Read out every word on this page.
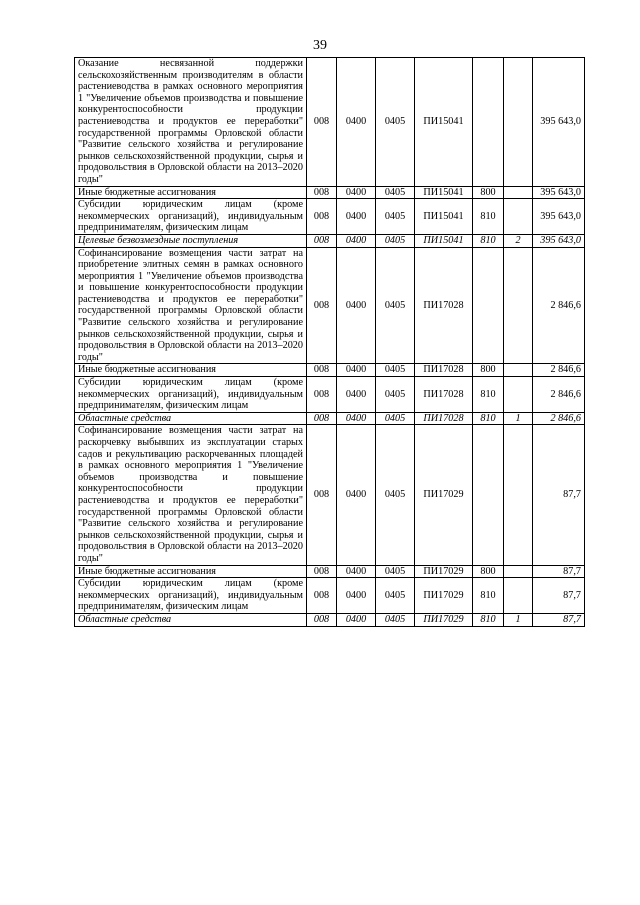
39
Оказание несвязанной поддержки сельскохозяйственным производителям в области растениеводства в рамках основного мероприятия 1 "Увеличение объемов производства и повышение конкурентоспособности продукции растениеводства и продуктов ее переработки" государственной программы Орловской области "Развитие сельского хозяйства и регулирование рынков сельскохозяйственной продукции, сырья и продовольствия в Орловской области на 2013–2020 годы"	008	0400	0405	ПИ15041			395 643,0
Иные бюджетные ассигнования	008	0400	0405	ПИ15041	800		395 643,0
Субсидии юридическим лицам (кроме некоммерческих организаций), индивидуальным предпринимателям, физическим лицам	008	0400	0405	ПИ15041	810		395 643,0
Целевые безвозмездные поступления	008	0400	0405	ПИ15041	810	2	395 643,0
Софинансирование возмещения части затрат на приобретение элитных семян в рамках основного мероприятия 1 "Увеличение объемов производства и повышение конкурентоспособности продукции растениеводства и продуктов ее переработки" государственной программы Орловской области "Развитие сельского хозяйства и регулирование рынков сельскохозяйственной продукции, сырья и продовольствия в Орловской области на 2013–2020 годы"	008	0400	0405	ПИ17028			2 846,6
Иные бюджетные ассигнования	008	0400	0405	ПИ17028	800		2 846,6
Субсидии юридическим лицам (кроме некоммерческих организаций), индивидуальным предпринимателям, физическим лицам	008	0400	0405	ПИ17028	810		2 846,6
Областные средства	008	0400	0405	ПИ17028	810	1	2 846,6
Софинансирование возмещения части затрат на раскорчевку выбывших из эксплуатации старых садов и рекультивацию раскорчеванных площадей в рамках основного мероприятия 1 "Увеличение объемов производства и повышение конкурентоспособности продукции растениеводства и продуктов ее переработки" государственной программы Орловской области "Развитие сельского хозяйства и регулирование рынков сельскохозяйственной продукции, сырья и продовольствия в Орловской области на 2013–2020 годы"	008	0400	0405	ПИ17029			87,7
Иные бюджетные ассигнования	008	0400	0405	ПИ17029	800		87,7
Субсидии юридическим лицам (кроме некоммерческих организаций), индивидуальным предпринимателям, физическим лицам	008	0400	0405	ПИ17029	810		87,7
Областные средства	008	0400	0405	ПИ17029	810	1	87,7
